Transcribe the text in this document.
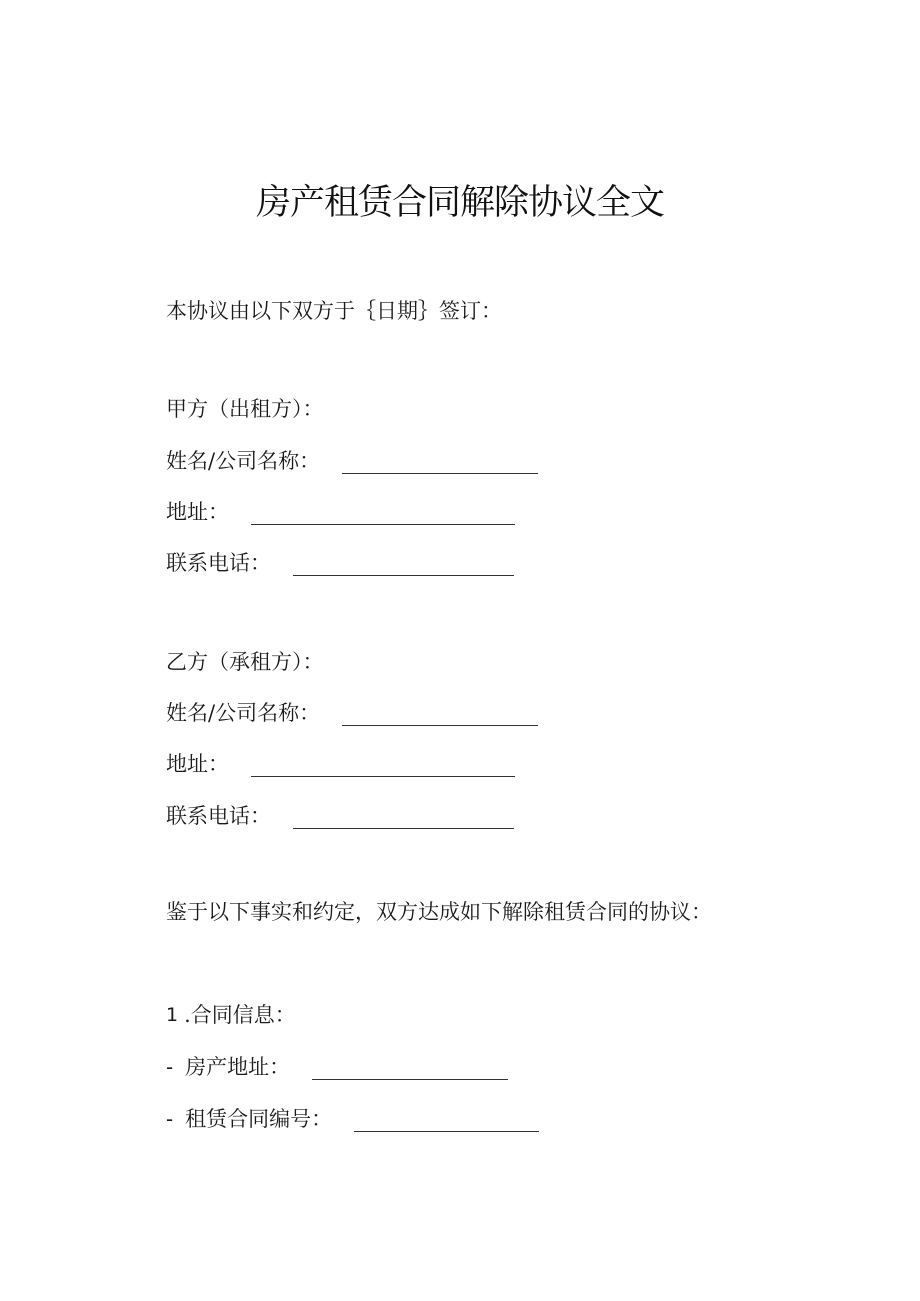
房产租赁合同解除协议全文
本协议由以下双方于｛日期｝签订：
甲方（出租方）：
姓名/公司名称：
地址：
联系电话：
乙方（承租方）：
姓名/公司名称：
地址：
联系电话：
鉴于以下事实和约定，双方达成如下解除租赁合同的协议：
1 .合同信息：
- 房产地址：
- 租赁合同编号：
